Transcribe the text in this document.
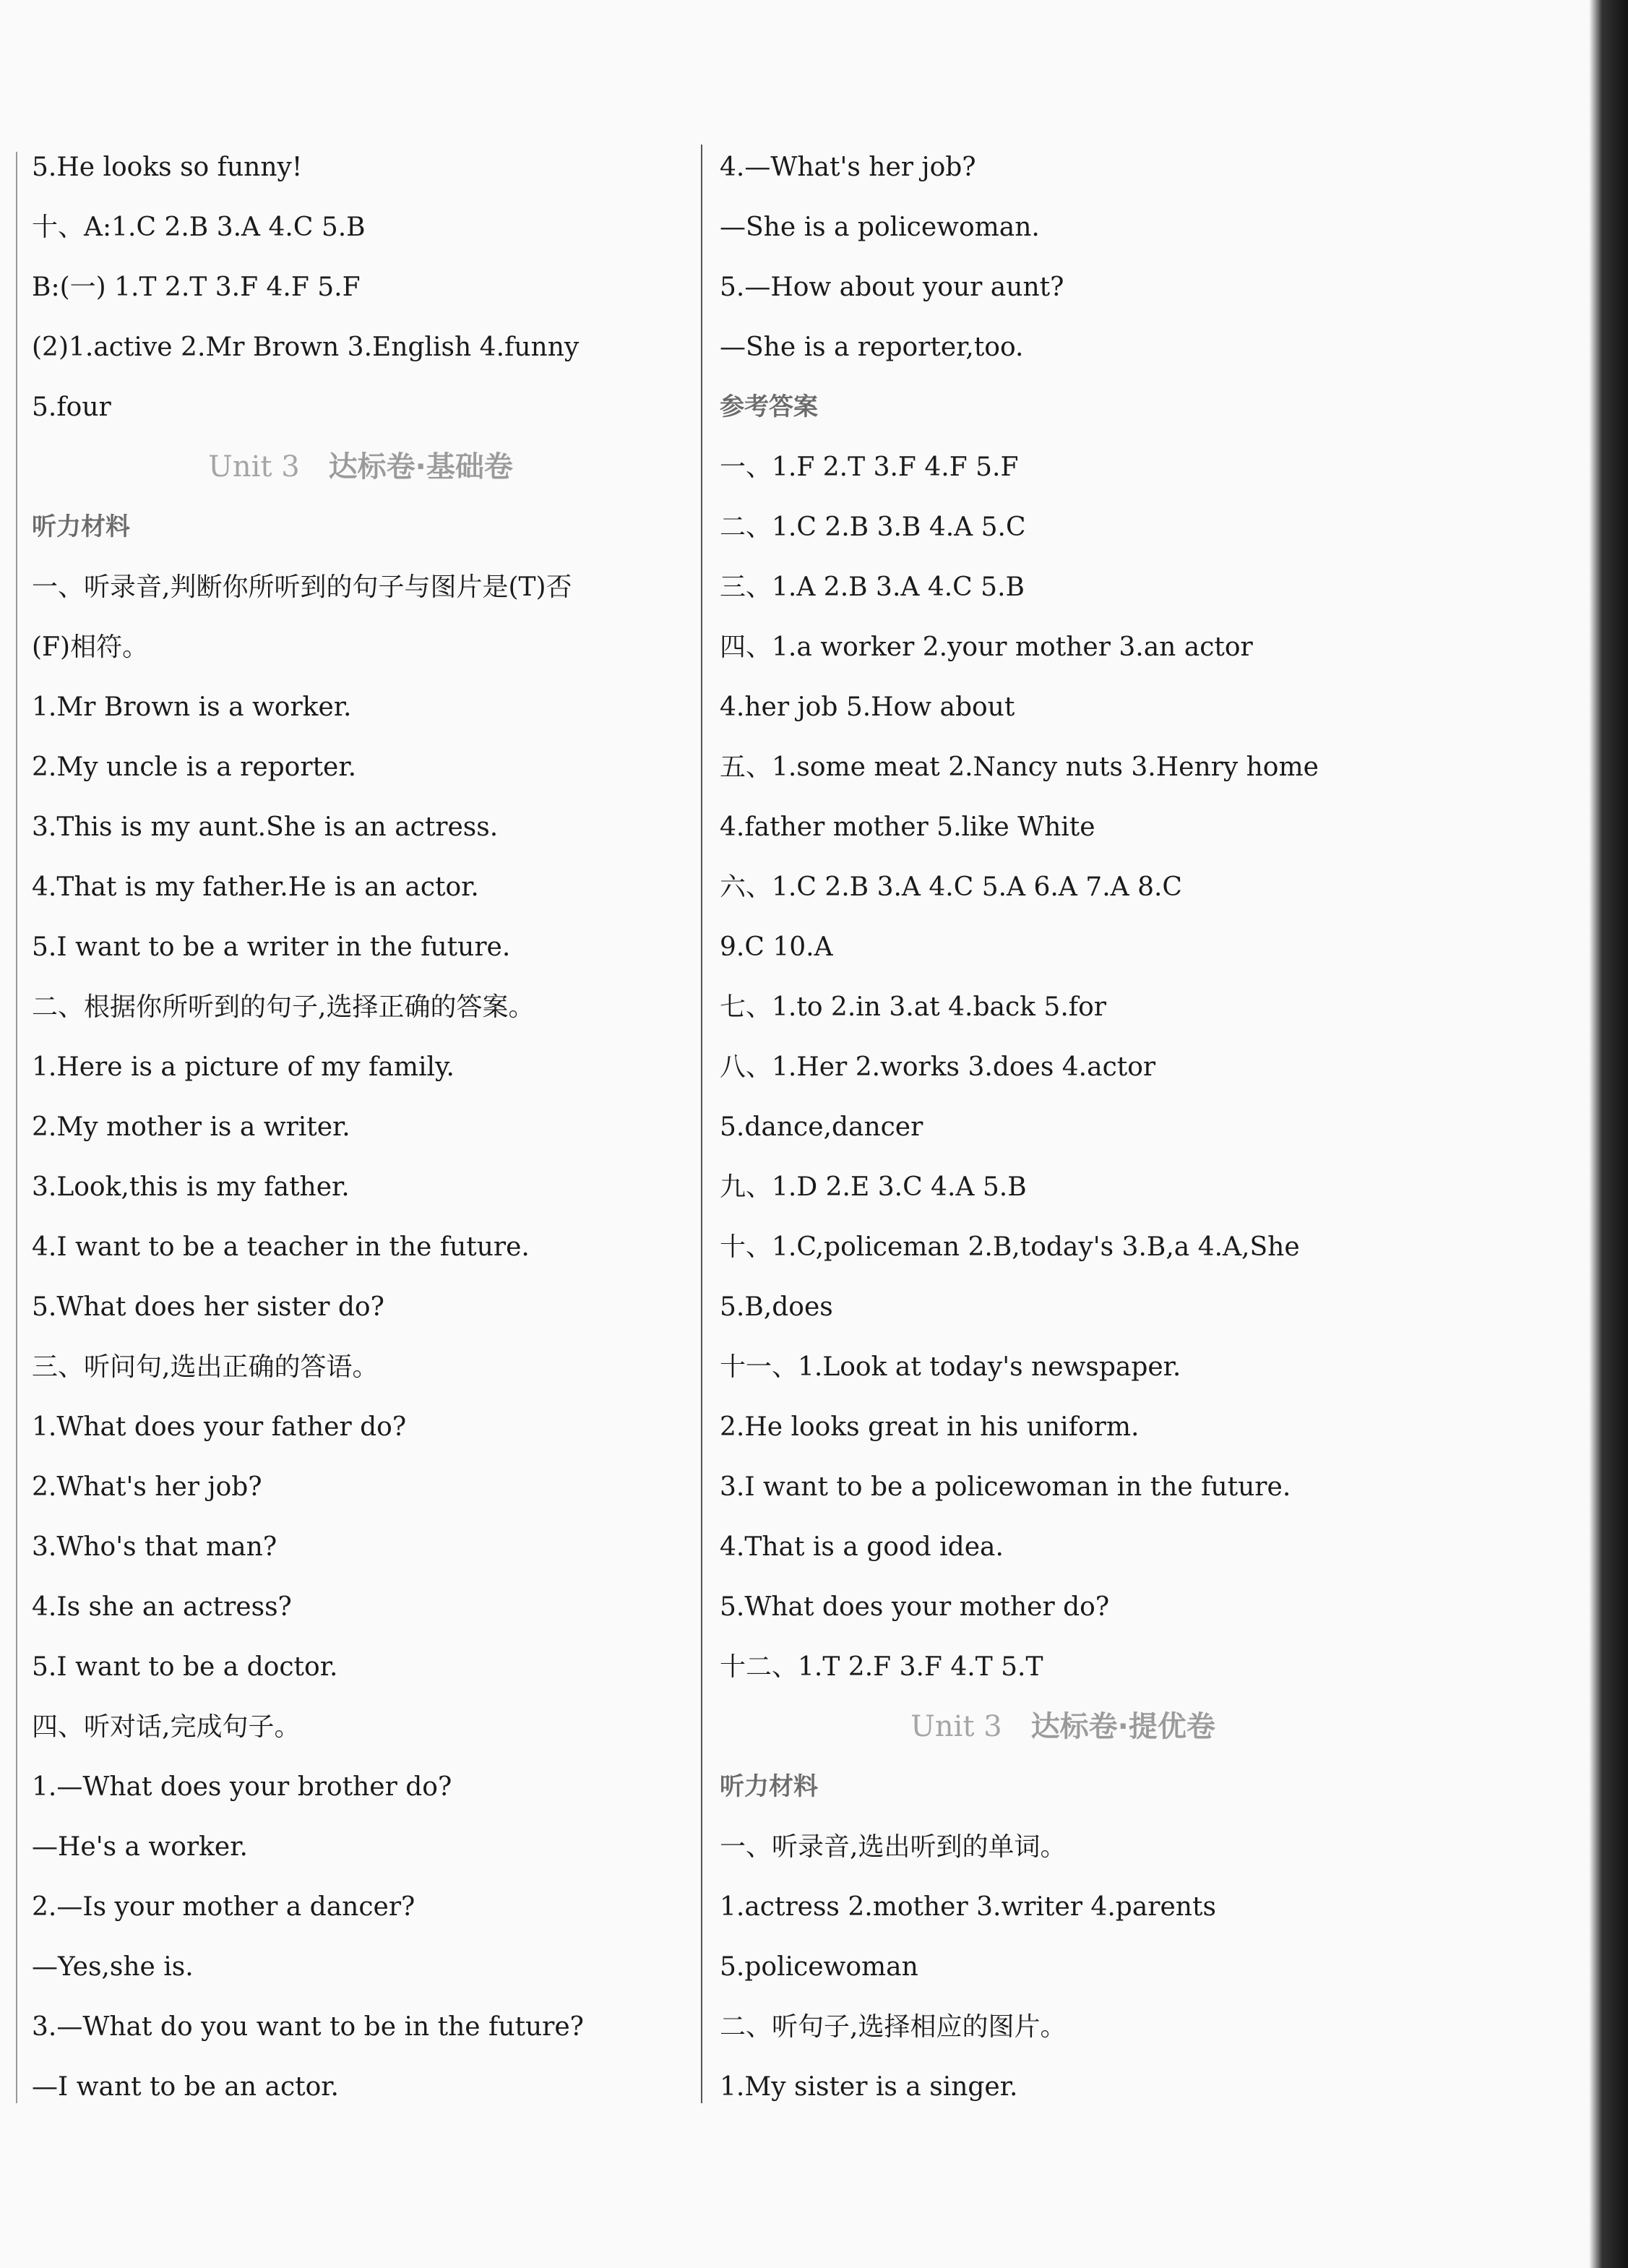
5.He looks so funny!
十、A:1.C 2.B 3.A 4.C 5.B
B:(一) 1.T 2.T 3.F 4.F 5.F
(2)1.active 2.Mr Brown 3.English 4.funny
5.four
Unit 3 达标卷·基础卷
听力材料
一、听录音,判断你所听到的句子与图片是(T)否
(F)相符。
1.Mr Brown is a worker.
2.My uncle is a reporter.
3.This is my aunt.She is an actress.
4.That is my father.He is an actor.
5.I want to be a writer in the future.
二、根据你所听到的句子,选择正确的答案。
1.Here is a picture of my family.
2.My mother is a writer.
3.Look,this is my father.
4.I want to be a teacher in the future.
5.What does her sister do?
三、听问句,选出正确的答语。
1.What does your father do?
2.What's her job?
3.Who's that man?
4.Is she an actress?
5.I want to be a doctor.
四、听对话,完成句子。
1.—What does your brother do?
—He's a worker.
2.—Is your mother a dancer?
—Yes,she is.
3.—What do you want to be in the future?
—I want to be an actor.
4.—What's her job?
—She is a policewoman.
5.—How about your aunt?
—She is a reporter,too.
参考答案
一、1.F 2.T 3.F 4.F 5.F
二、1.C 2.B 3.B 4.A 5.C
三、1.A 2.B 3.A 4.C 5.B
四、1.a worker 2.your mother 3.an actor
4.her job 5.How about
五、1.some meat 2.Nancy nuts 3.Henry home
4.father mother 5.like White
六、1.C 2.B 3.A 4.C 5.A 6.A 7.A 8.C
9.C 10.A
七、1.to 2.in 3.at 4.back 5.for
八、1.Her 2.works 3.does 4.actor
5.dance,dancer
九、1.D 2.E 3.C 4.A 5.B
十、1.C,policeman 2.B,today's 3.B,a 4.A,She
5.B,does
十一、1.Look at today's newspaper.
2.He looks great in his uniform.
3.I want to be a policewoman in the future.
4.That is a good idea.
5.What does your mother do?
十二、1.T 2.F 3.F 4.T 5.T
Unit 3 达标卷·提优卷
听力材料
一、听录音,选出听到的单词。
1.actress 2.mother 3.writer 4.parents
5.policewoman
二、听句子,选择相应的图片。
1.My sister is a singer.
